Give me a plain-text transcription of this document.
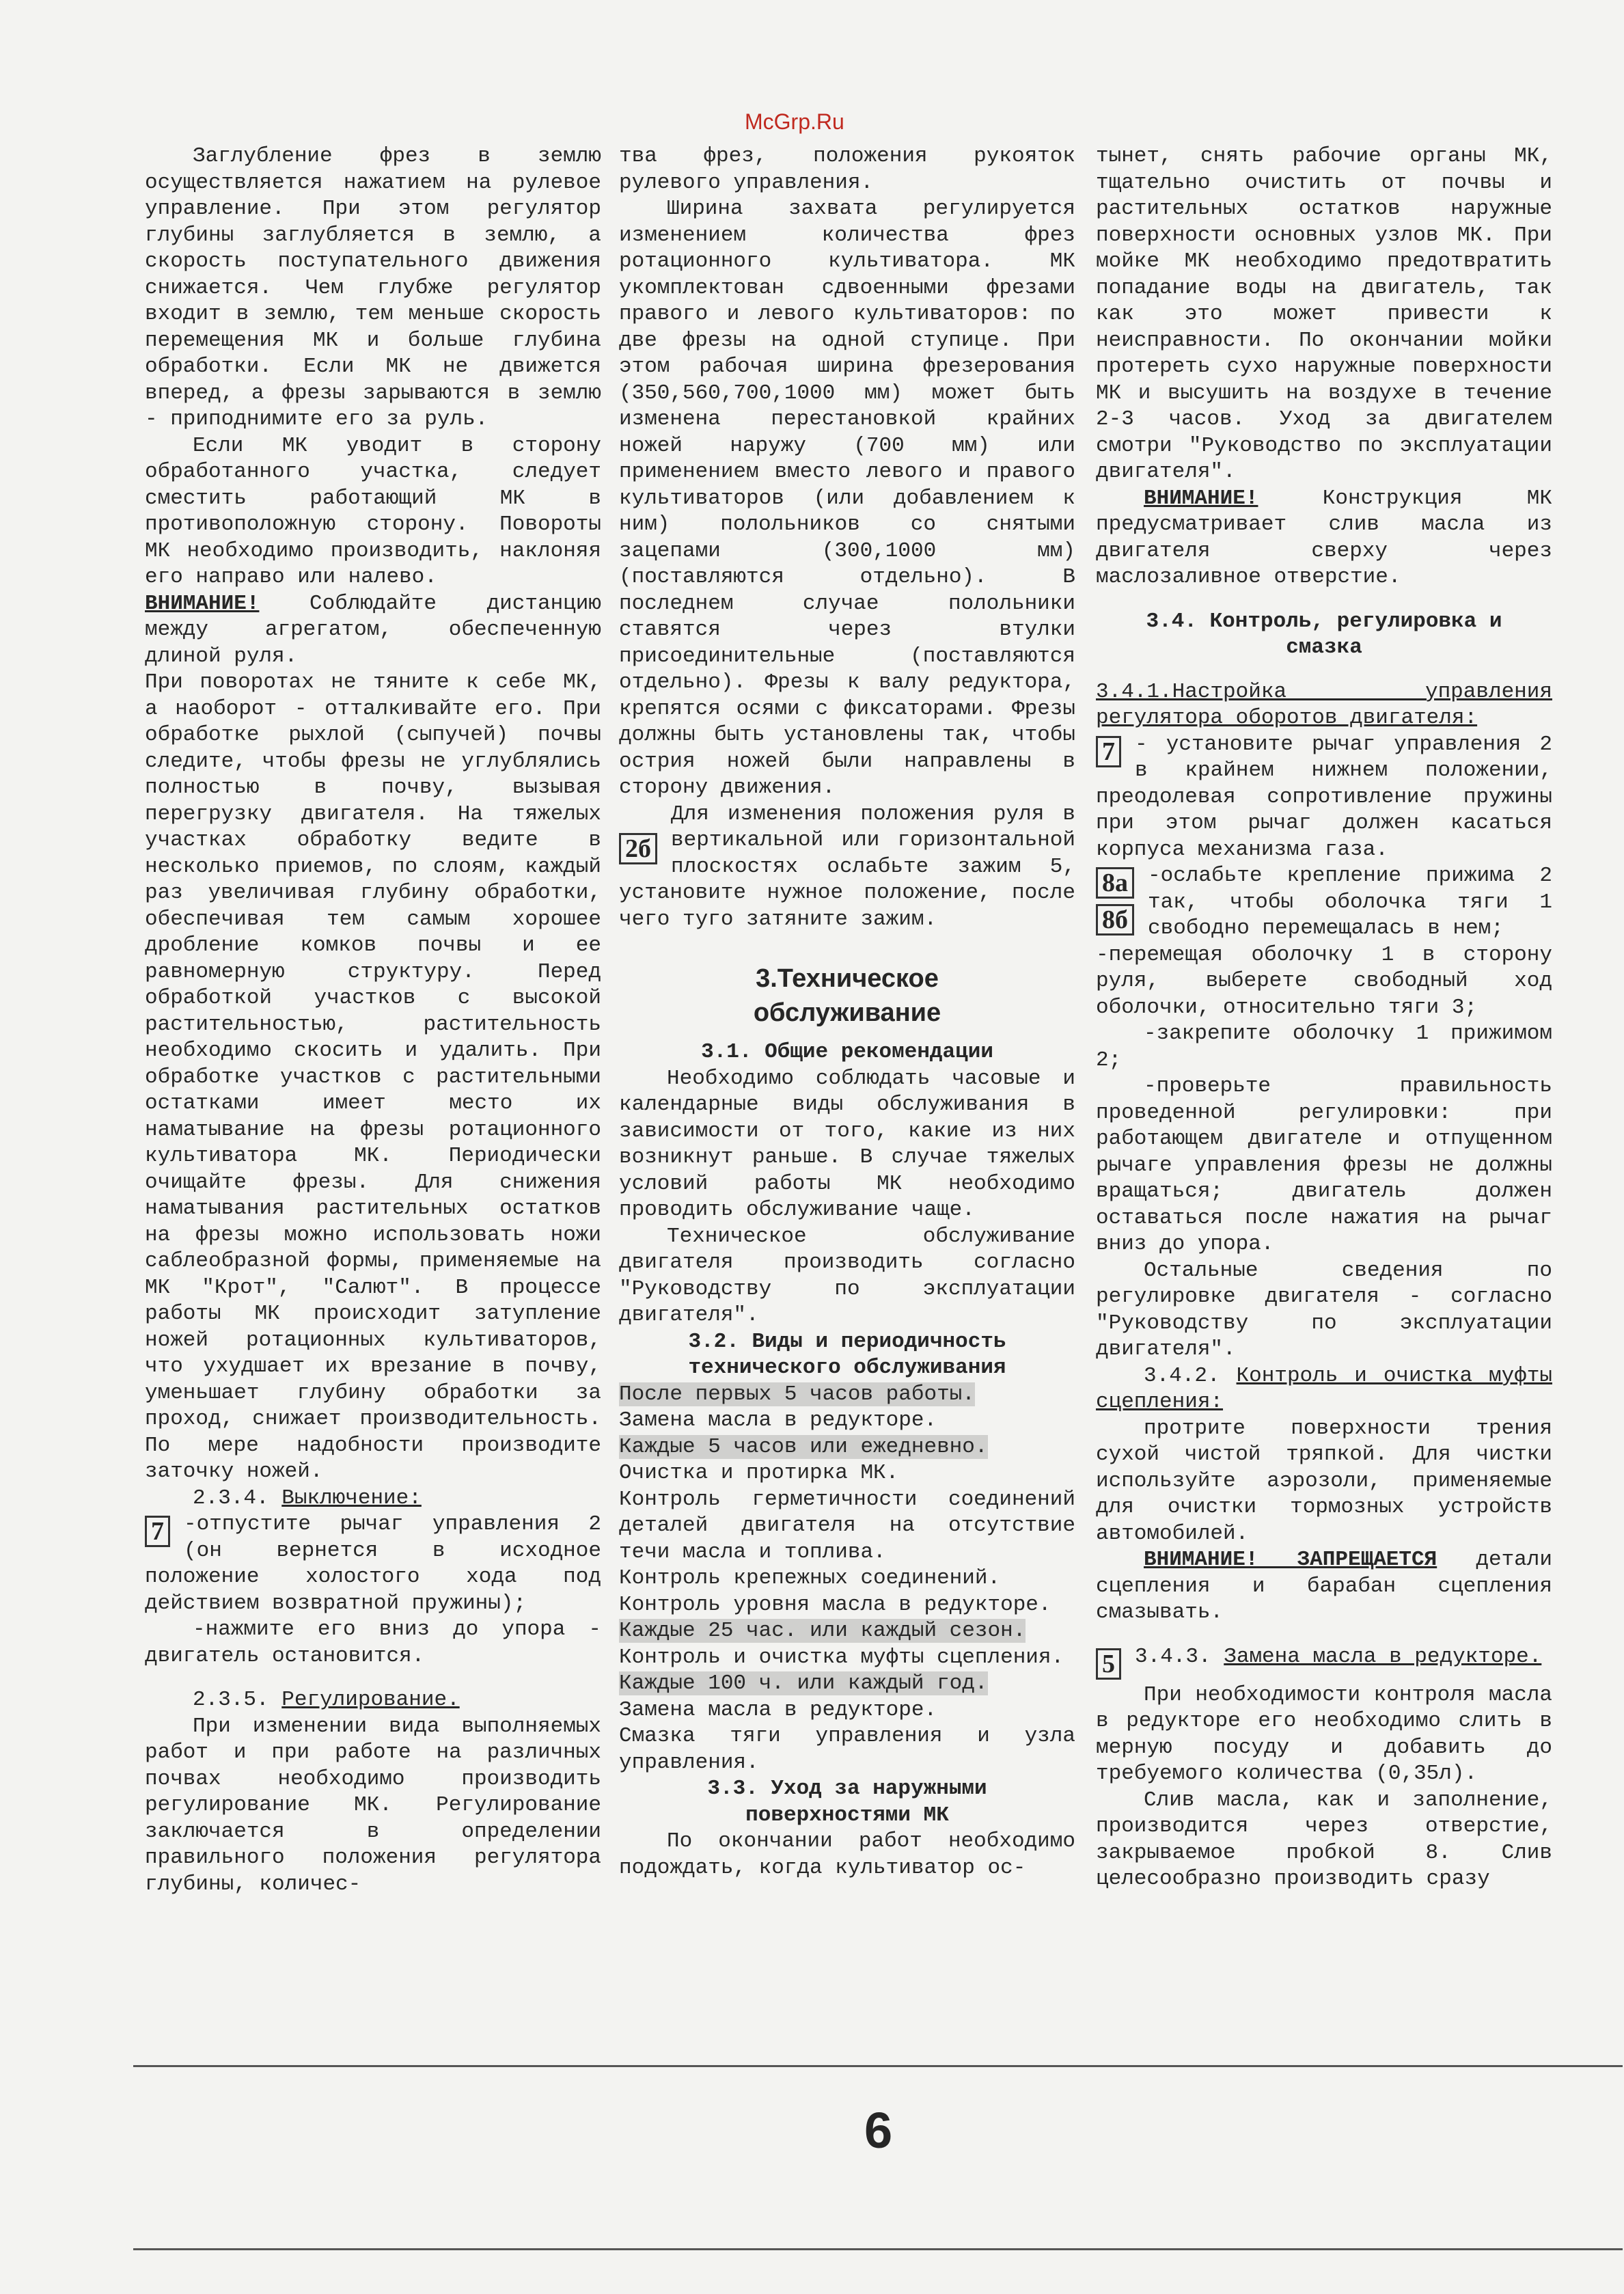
McGrp.Ru

Заглубление фрез в землю осуществляется нажатием на рулевое управление. При этом регулятор глубины заглубляется в землю, а скорость поступательного движения снижается. Чем глубже регулятор входит в землю, тем меньше скорость перемещения МК и больше глубина обработки. Если МК не движется вперед, а фрезы зарываются в землю - приподнимите его за руль.

Если МК уводит в сторону обработанного участка, следует сместить работающий МК в противоположную сторону. Повороты МК необходимо производить, наклоняя его направо или налево.

ВНИМАНИЕ! Соблюдайте дистанцию между агрегатом, обеспеченную длиной руля.

При поворотах не тяните к себе МК, а наоборот - отталкивайте его. При обработке рыхлой (сыпучей) почвы следите, чтобы фрезы не углублялись полностью в почву, вызывая перегрузку двигателя. На тяжелых участках обработку ведите в несколько приемов, по слоям, каждый раз увеличивая глубину обработки, обеспечивая тем самым хорошее дробление комков почвы и ее равномерную структуру. Перед обработкой участков с высокой растительностью, растительность необходимо скосить и удалить. При обработке участков с растительными остатками имеет место их наматывание на фрезы ротационного культиватора МК. Периодически очищайте фрезы. Для снижения наматывания растительных остатков на фрезы можно использовать ножи саблеобразной формы, применяемые на МК "Крот", "Салют". В процессе работы МК происходит затупление ножей ротационных культиваторов, что ухудшает их врезание в почву, уменьшает глубину обработки за проход, снижает производительность. По мере надобности производите заточку ножей.

2.3.4. Выключение:

7 -отпустите рычаг управления 2 (он вернется в исходное положение холостого хода под действием возвратной пружины);

-нажмите его вниз до упора - двигатель остановится.

2.3.5. Регулирование.

При изменении вида выполняемых работ и при работе на различных почвах необходимо производить регулирование МК. Регулирование заключается в определении правильного положения регулятора глубины, количес-

тва фрез, положения рукояток рулевого управления.

Ширина захвата регулируется изменением количества фрез ротационного культиватора. МК укомплектован сдвоенными фрезами правого и левого культиваторов: по две фрезы на одной ступице. При этом рабочая ширина фрезерования (350,560,700,1000 мм) может быть изменена перестановкой крайних ножей наружу (700 мм) или применением вместо левого и правого культиваторов (или добавлением к ним) полольников со снятыми зацепами (300,1000 мм) (поставляются отдельно). В последнем случае полольники ставятся через втулки присоединительные (поставляются отдельно). Фрезы к валу редуктора, крепятся осями с фиксаторами. Фрезы должны быть установлены так, чтобы острия ножей были направлены в сторону движения.

2б
Для изменения положения руля в вертикальной или горизонтальной плоскостях ослабьте зажим 5, установите нужное положение, после чего туго затяните зажим.

3.Техническое
обслуживание
3.1. Общие рекомендации

Необходимо соблюдать часовые и календарные виды обслуживания в зависимости от того, какие из них возникнут раньше. В случае тяжелых условий работы МК необходимо проводить обслуживание чаще.

Техническое обслуживание двигателя производить согласно "Руководству по эксплуатации двигателя".

3.2. Виды и периодичность
технического обслуживания

После первых 5 часов работы.

Замена масла в редукторе.

Каждые 5 часов или ежедневно.

Очистка и протирка МК.

Контроль герметичности соединений деталей двигателя на отсутствие течи масла и топлива.

Контроль крепежных соединений.

Контроль уровня масла в редукторе.

Каждые 25 час. или каждый сезон.

Контроль и очистка муфты сцепления.

Каждые 100 ч. или каждый год.

Замена масла в редукторе.

Смазка тяги управления и узла управления.

3.3. Уход за наружными
поверхностями МК

По окончании работ необходимо подождать, когда культиватор ос-

тынет, снять рабочие органы МК, тщательно очистить от почвы и растительных остатков наружные поверхности основных узлов МК. При мойке МК необходимо предотвратить попадание воды на двигатель, так как это может привести к неисправности. По окончании мойки протереть сухо наружные поверхности МК и высушить на воздухе в течение 2-3 часов. Уход за двигателем смотри "Руководство по эксплуатации двигателя".

ВНИМАНИЕ! Конструкция МК предусматривает слив масла из двигателя сверху через маслозаливное отверстие.

3.4. Контроль, регулировка и
смазка

3.4.1.Настройка управления регулятора оборотов двигателя:

7 - установите рычаг управления 2 в крайнем нижнем положении, преодолевая сопротивление пружины при этом рычаг должен касаться корпуса механизма газа.

8а
8б

-ослабьте крепление прижима 2 так, чтобы оболочка тяги 1 свободно перемещалась в нем;

-перемещая оболочку 1 в сторону руля, выберете свободный ход оболочки, относительно тяги 3;

-закрепите оболочку 1 прижимом 2;

-проверьте правильность проведенной регулировки: при работающем двигателе и отпущенном рычаге управления фрезы не должны вращаться; двигатель должен оставаться после нажатия на рычаг вниз до упора.

Остальные сведения по регулировке двигателя - согласно "Руководству по эксплуатации двигателя".

3.4.2. Контроль и очистка муфты сцепления:

протрите поверхности трения сухой чистой тряпкой. Для чистки используйте аэрозоли, применяемые для очистки тормозных устройств автомобилей.

ВНИМАНИЕ! ЗАПРЕЩАЕТСЯ детали сцепления и барабан сцепления смазывать.

5 3.4.3. Замена масла в редукторе.

При необходимости контроля масла в редукторе его необходимо слить в мерную посуду и добавить до требуемого количества (0,35л).

Слив масла, как и заполнение, производится через отверстие, закрываемое пробкой 8. Слив целесообразно производить сразу

6
